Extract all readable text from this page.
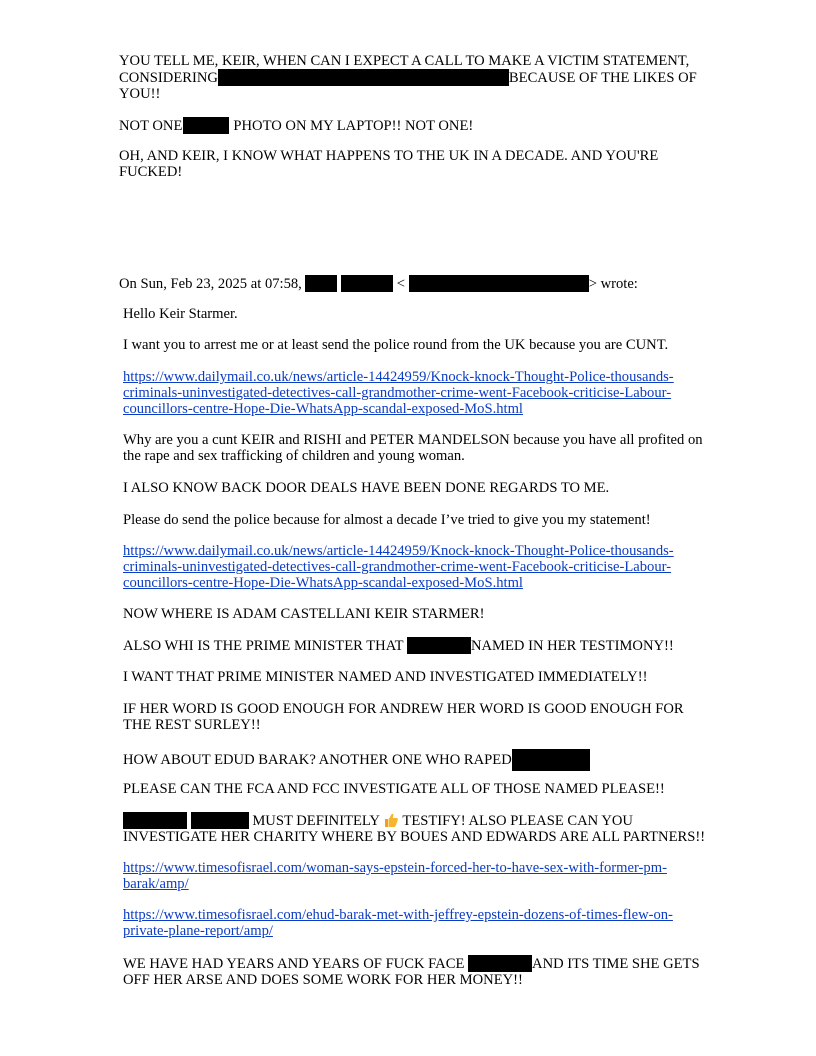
YOU TELL ME, KEIR, WHEN CAN I EXPECT A CALL TO MAKE A VICTIM STATEMENT,
CONSIDERING	BECAUSE OF THE LIKES OF
YOU!!
NOT ONE	PHOTO ON MY LAPTOP!! NOT ONE!
OH, AND KEIR, I KNOW WHAT HAPPENS TO THE UK IN A DECADE. AND YOU'RE
FUCKED!
On Sun, Feb 23, 2025 at 07:58,	<	> wrote:
Hello Keir Starmer.
I want you to arrest me or at least send the police round from the UK because you are CUNT.
https://www.dailymail.co.uk/news/article-14424959/Knock-knock-Thought-Police-thousands-
criminals-uninvestigated-detectives-call-grandmother-crime-went-Facebook-criticise-Labour-
councillors-centre-Hope-Die-WhatsApp-scandal-exposed-MoS.html
Why are you a cunt KEIR and RISHI and PETER MANDELSON because you have all profited on
the rape and sex trafficking of children and young woman.
I ALSO KNOW BACK DOOR DEALS HAVE BEEN DONE REGARDS TO ME.
Please do send the police because for almost a decade I’ve tried to give you my statement!
https://www.dailymail.co.uk/news/article-14424959/Knock-knock-Thought-Police-thousands-
criminals-uninvestigated-detectives-call-grandmother-crime-went-Facebook-criticise-Labour-
councillors-centre-Hope-Die-WhatsApp-scandal-exposed-MoS.html
NOW WHERE IS ADAM CASTELLANI KEIR STARMER!
ALSO WHI IS THE PRIME MINISTER THAT	NAMED IN HER TESTIMONY!!
I WANT THAT PRIME MINISTER NAMED AND INVESTIGATED IMMEDIATELY!!
IF HER WORD IS GOOD ENOUGH FOR ANDREW HER WORD IS GOOD ENOUGH FOR
THE REST SURLEY!!
HOW ABOUT EDUD BARAK? ANOTHER ONE WHO RAPED
PLEASE CAN THE FCA AND FCC INVESTIGATE ALL OF THOSE NAMED PLEASE!!
MUST DEFINITELY TESTIFY! ALSO PLEASE CAN YOU
INVESTIGATE HER CHARITY WHERE BY BOUES AND EDWARDS ARE ALL PARTNERS!!
https://www.timesofisrael.com/woman-says-epstein-forced-her-to-have-sex-with-former-pm-
barak/amp/
https://www.timesofisrael.com/ehud-barak-met-with-jeffrey-epstein-dozens-of-times-flew-on-
private-plane-report/amp/
WE HAVE HAD YEARS AND YEARS OF FUCK FACE	AND ITS TIME SHE GETS
OFF HER ARSE AND DOES SOME WORK FOR HER MONEY!!
